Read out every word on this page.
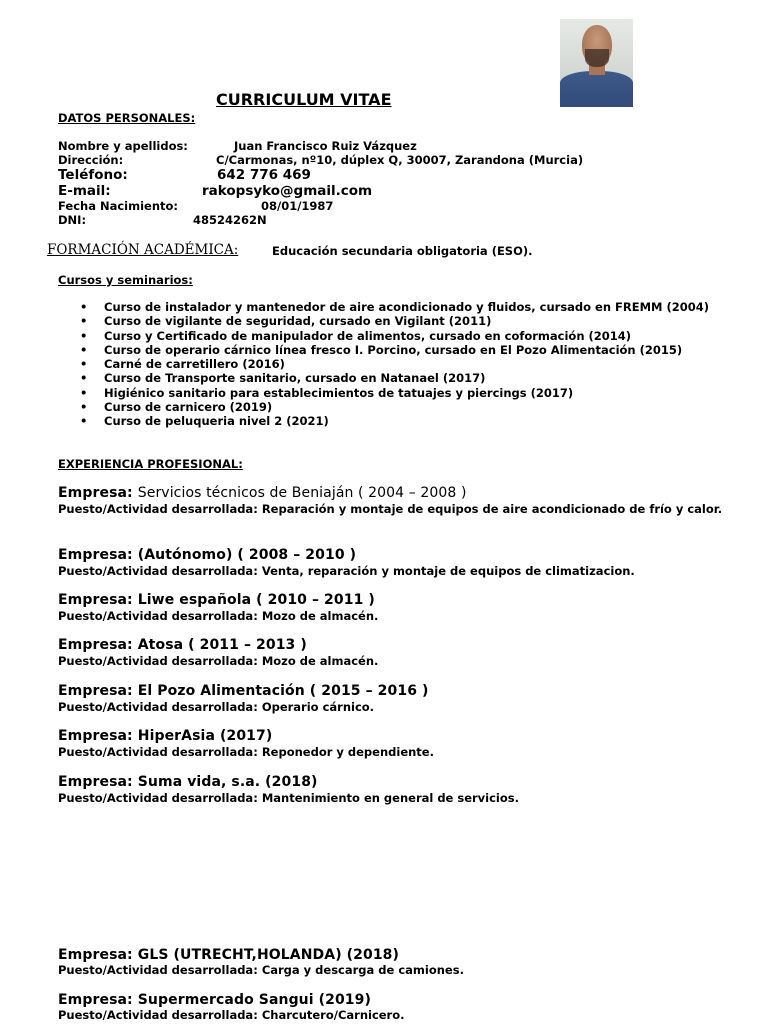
CURRICULUM VITAE
DATOS PERSONALES:
Nombre y apellidos:	Juan Francisco Ruiz Vázquez
Dirección:	C/Carmonas, nº10, dúplex Q, 30007, Zarandona (Murcia)
Teléfono:	642 776 469
E-mail:	rakopsyko@gmail.com
Fecha Nacimiento:	08/01/1987
DNI:	48524262N
FORMACIÓN ACADÉMICA:	Educación secundaria obligatoria (ESO).
Cursos y seminarios:
• Curso de instalador y mantenedor de aire acondicionado y fluidos, cursado en FREMM (2004)
• Curso de vigilante de seguridad, cursado en Vigilant (2011)
• Curso y Certificado de manipulador de alimentos, cursado en coformación (2014)
• Curso de operario cárnico línea fresco I. Porcino, cursado en El Pozo Alimentación (2015)
• Carné de carretillero (2016)
• Curso de Transporte sanitario, cursado en Natanael (2017)
• Higiénico sanitario para establecimientos de tatuajes y piercings (2017)
• Curso de carnicero (2019)
• Curso de peluqueria nivel 2 (2021)
EXPERIENCIA PROFESIONAL:
Empresa: Servicios técnicos de Beniaján ( 2004 – 2008 )
Puesto/Actividad desarrollada: Reparación y montaje de equipos de aire acondicionado de frío y calor.
Empresa: (Autónomo) ( 2008 – 2010 )
Puesto/Actividad desarrollada: Venta, reparación y montaje de equipos de climatizacion.
Empresa: Liwe española ( 2010 – 2011 )
Puesto/Actividad desarrollada: Mozo de almacén.
Empresa: Atosa ( 2011 – 2013 )
Puesto/Actividad desarrollada: Mozo de almacén.
Empresa: El Pozo Alimentación ( 2015 – 2016 )
Puesto/Actividad desarrollada: Operario cárnico.
Empresa: HiperAsia (2017)
Puesto/Actividad desarrollada: Reponedor y dependiente.
Empresa: Suma vida, s.a. (2018)
Puesto/Actividad desarrollada: Mantenimiento en general de servicios.
Empresa: GLS (UTRECHT,HOLANDA) (2018)
Puesto/Actividad desarrollada: Carga y descarga de camiones.
Empresa: Supermercado Sangui (2019)
Puesto/Actividad desarrollada: Charcutero/Carnicero.
